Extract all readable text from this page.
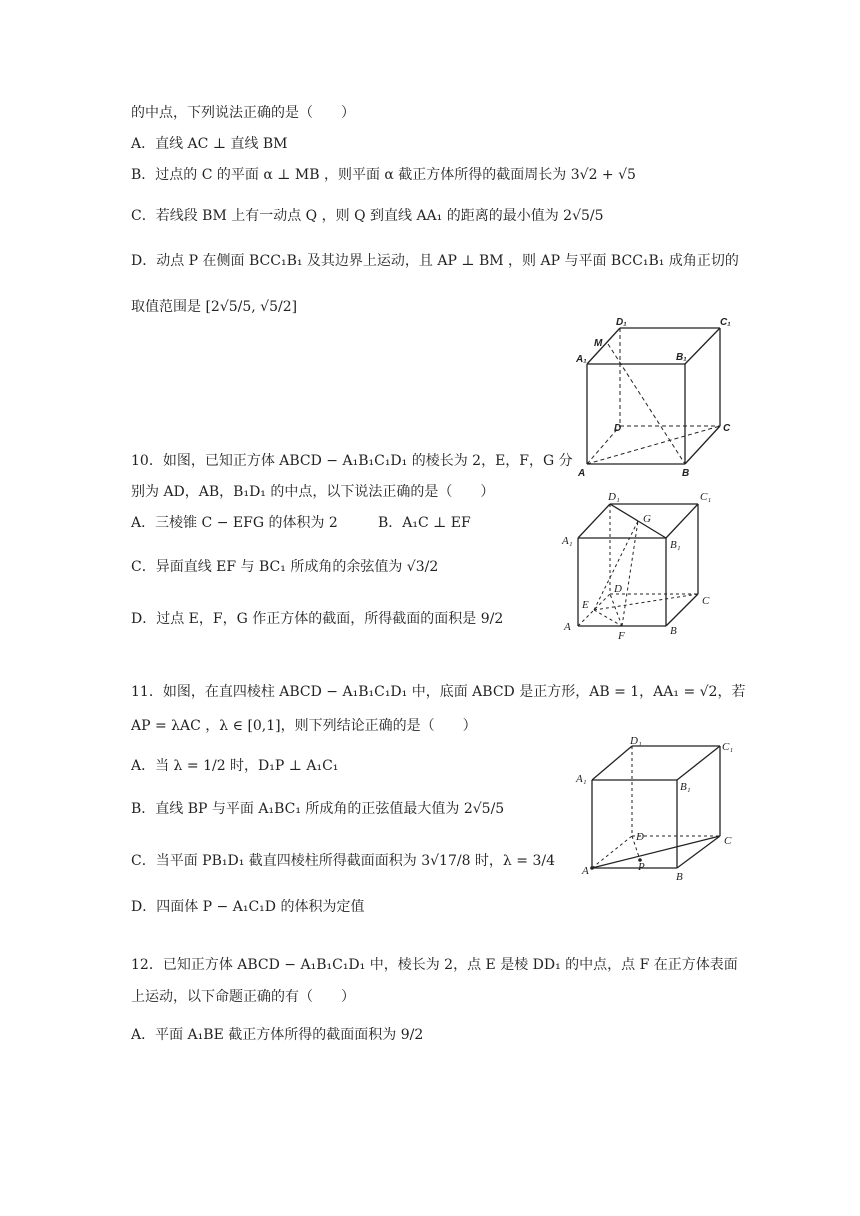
的中点，下列说法正确的是（　　）
A．直线 AC ⊥ 直线 BM
B．过点的 C 的平面 α ⊥ MB ，则平面 α 截正方体所得的截面周长为 3√2 + √5
C．若线段 BM 上有一动点 Q ，则 Q 到直线 AA₁ 的距离的最小值为 2√5/5
D．动点 P 在侧面 BCC₁B₁ 及其边界上运动，且 AP ⊥ BM ，则 AP 与平面 BCC₁B₁ 成角正切的
取值范围是 [2√5/5, √5/2]
D₁	C₁
M
A₁	B₁
D	C
A	B
10．如图，已知正方体 ABCD − A₁B₁C₁D₁ 的棱长为 2，E，F，G 分
别为 AD，AB，B₁D₁ 的中点，以下说法正确的是（　　）
A．三棱锥 C − EFG 的体积为 2	B．A₁C ⊥ EF
C．异面直线 EF 与 BC₁ 所成角的余弦值为 √3/2
D．过点 E，F，G 作正方体的截面，所得截面的面积是 9/2
D₁	C₁
G
A₁	B₁
D
C
E
A
F	B
11．如图，在直四棱柱 ABCD − A₁B₁C₁D₁ 中，底面 ABCD 是正方形，AB = 1，AA₁ = √2，若
AP = λAC ，λ ∈ [0,1]，则下列结论正确的是（　　）
A．当 λ = 1/2 时，D₁P ⊥ A₁C₁
B．直线 BP 与平面 A₁BC₁ 所成角的正弦值最大值为 2√5/5
C．当平面 PB₁D₁ 截直四棱柱所得截面面积为 3√17/8 时，λ = 3/4
D．四面体 P − A₁C₁D 的体积为定值
D₁	C₁
A₁
B₁
D	C
A	P
B
12．已知正方体 ABCD − A₁B₁C₁D₁ 中，棱长为 2，点 E 是棱 DD₁ 的中点，点 F 在正方体表面
上运动，以下命题正确的有（　　）
A．平面 A₁BE 截正方体所得的截面面积为 9/2
